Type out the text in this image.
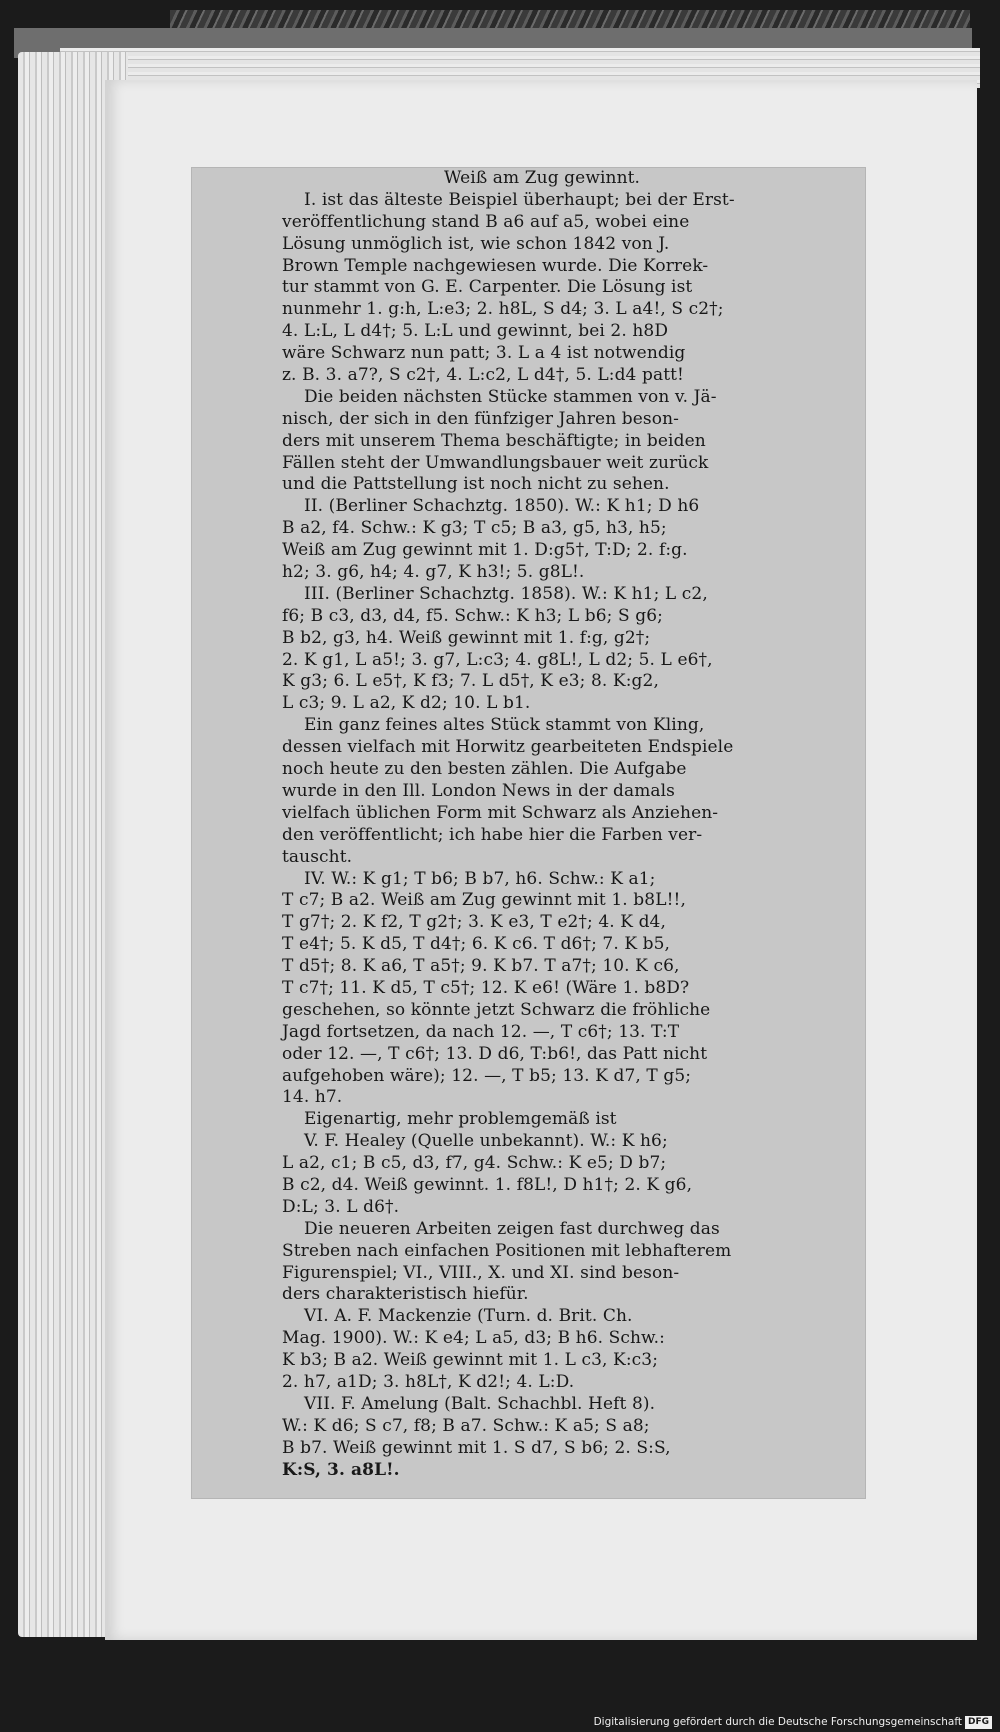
Weiß am Zug gewinnt.
I. ist das älteste Beispiel überhaupt; bei der Erst-
veröffentlichung stand B a6 auf a5, wobei eine
Lösung unmöglich ist, wie schon 1842 von J.
Brown Temple nachgewiesen wurde. Die Korrek-
tur stammt von G. E. Carpenter. Die Lösung ist
nunmehr 1. g:h, L:e3; 2. h8L, S d4; 3. L a4!, S c2†;
4. L:L, L d4†; 5. L:L und gewinnt, bei 2. h8D
wäre Schwarz nun patt; 3. L a 4 ist notwendig
z. B. 3. a7?, S c2†, 4. L:c2, L d4†, 5. L:d4 patt!
Die beiden nächsten Stücke stammen von v. Jä-
nisch, der sich in den fünfziger Jahren beson-
ders mit unserem Thema beschäftigte; in beiden
Fällen steht der Umwandlungsbauer weit zurück
und die Pattstellung ist noch nicht zu sehen.
II. (Berliner Schachztg. 1850). W.: K h1; D h6
B a2, f4. Schw.: K g3; T c5; B a3, g5, h3, h5;
Weiß am Zug gewinnt mit 1. D:g5†, T:D; 2. f:g.
h2; 3. g6, h4; 4. g7, K h3!; 5. g8L!.
III. (Berliner Schachztg. 1858). W.: K h1; L c2,
f6; B c3, d3, d4, f5. Schw.: K h3; L b6; S g6;
B b2, g3, h4. Weiß gewinnt mit 1. f:g, g2†;
2. K g1, L a5!; 3. g7, L:c3; 4. g8L!, L d2; 5. L e6†,
K g3; 6. L e5†, K f3; 7. L d5†, K e3; 8. K:g2,
L c3; 9. L a2, K d2; 10. L b1.
Ein ganz feines altes Stück stammt von Kling,
dessen vielfach mit Horwitz gearbeiteten Endspiele
noch heute zu den besten zählen. Die Aufgabe
wurde in den Ill. London News in der damals
vielfach üblichen Form mit Schwarz als Anziehen-
den veröffentlicht; ich habe hier die Farben ver-
tauscht.
IV. W.: K g1; T b6; B b7, h6. Schw.: K a1;
T c7; B a2. Weiß am Zug gewinnt mit 1. b8L!!,
T g7†; 2. K f2, T g2†; 3. K e3, T e2†; 4. K d4,
T e4†; 5. K d5, T d4†; 6. K c6. T d6†; 7. K b5,
T d5†; 8. K a6, T a5†; 9. K b7. T a7†; 10. K c6,
T c7†; 11. K d5, T c5†; 12. K e6! (Wäre 1. b8D?
geschehen, so könnte jetzt Schwarz die fröhliche
Jagd fortsetzen, da nach 12. —, T c6†; 13. T:T
oder 12. —, T c6†; 13. D d6, T:b6!, das Patt nicht
aufgehoben wäre); 12. —, T b5; 13. K d7, T g5;
14. h7.
Eigenartig, mehr problemgemäß ist
V. F. Healey (Quelle unbekannt). W.: K h6;
L a2, c1; B c5, d3, f7, g4. Schw.: K e5; D b7;
B c2, d4. Weiß gewinnt. 1. f8L!, D h1†; 2. K g6,
D:L; 3. L d6†.
Die neueren Arbeiten zeigen fast durchweg das
Streben nach einfachen Positionen mit lebhafterem
Figurenspiel; VI., VIII., X. und XI. sind beson-
ders charakteristisch hiefür.
VI. A. F. Mackenzie (Turn. d. Brit. Ch.
Mag. 1900). W.: K e4; L a5, d3; B h6. Schw.:
K b3; B a2. Weiß gewinnt mit 1. L c3, K:c3;
2. h7, a1D; 3. h8L†, K d2!; 4. L:D.
VII. F. Amelung (Balt. Schachbl. Heft 8).
W.: K d6; S c7, f8; B a7. Schw.: K a5; S a8;
B b7. Weiß gewinnt mit 1. S d7, S b6; 2. S:S,
K:S, 3. a8L!.
Digitalisierung gefördert durch die Deutsche Forschungsgemeinschaft DFG
